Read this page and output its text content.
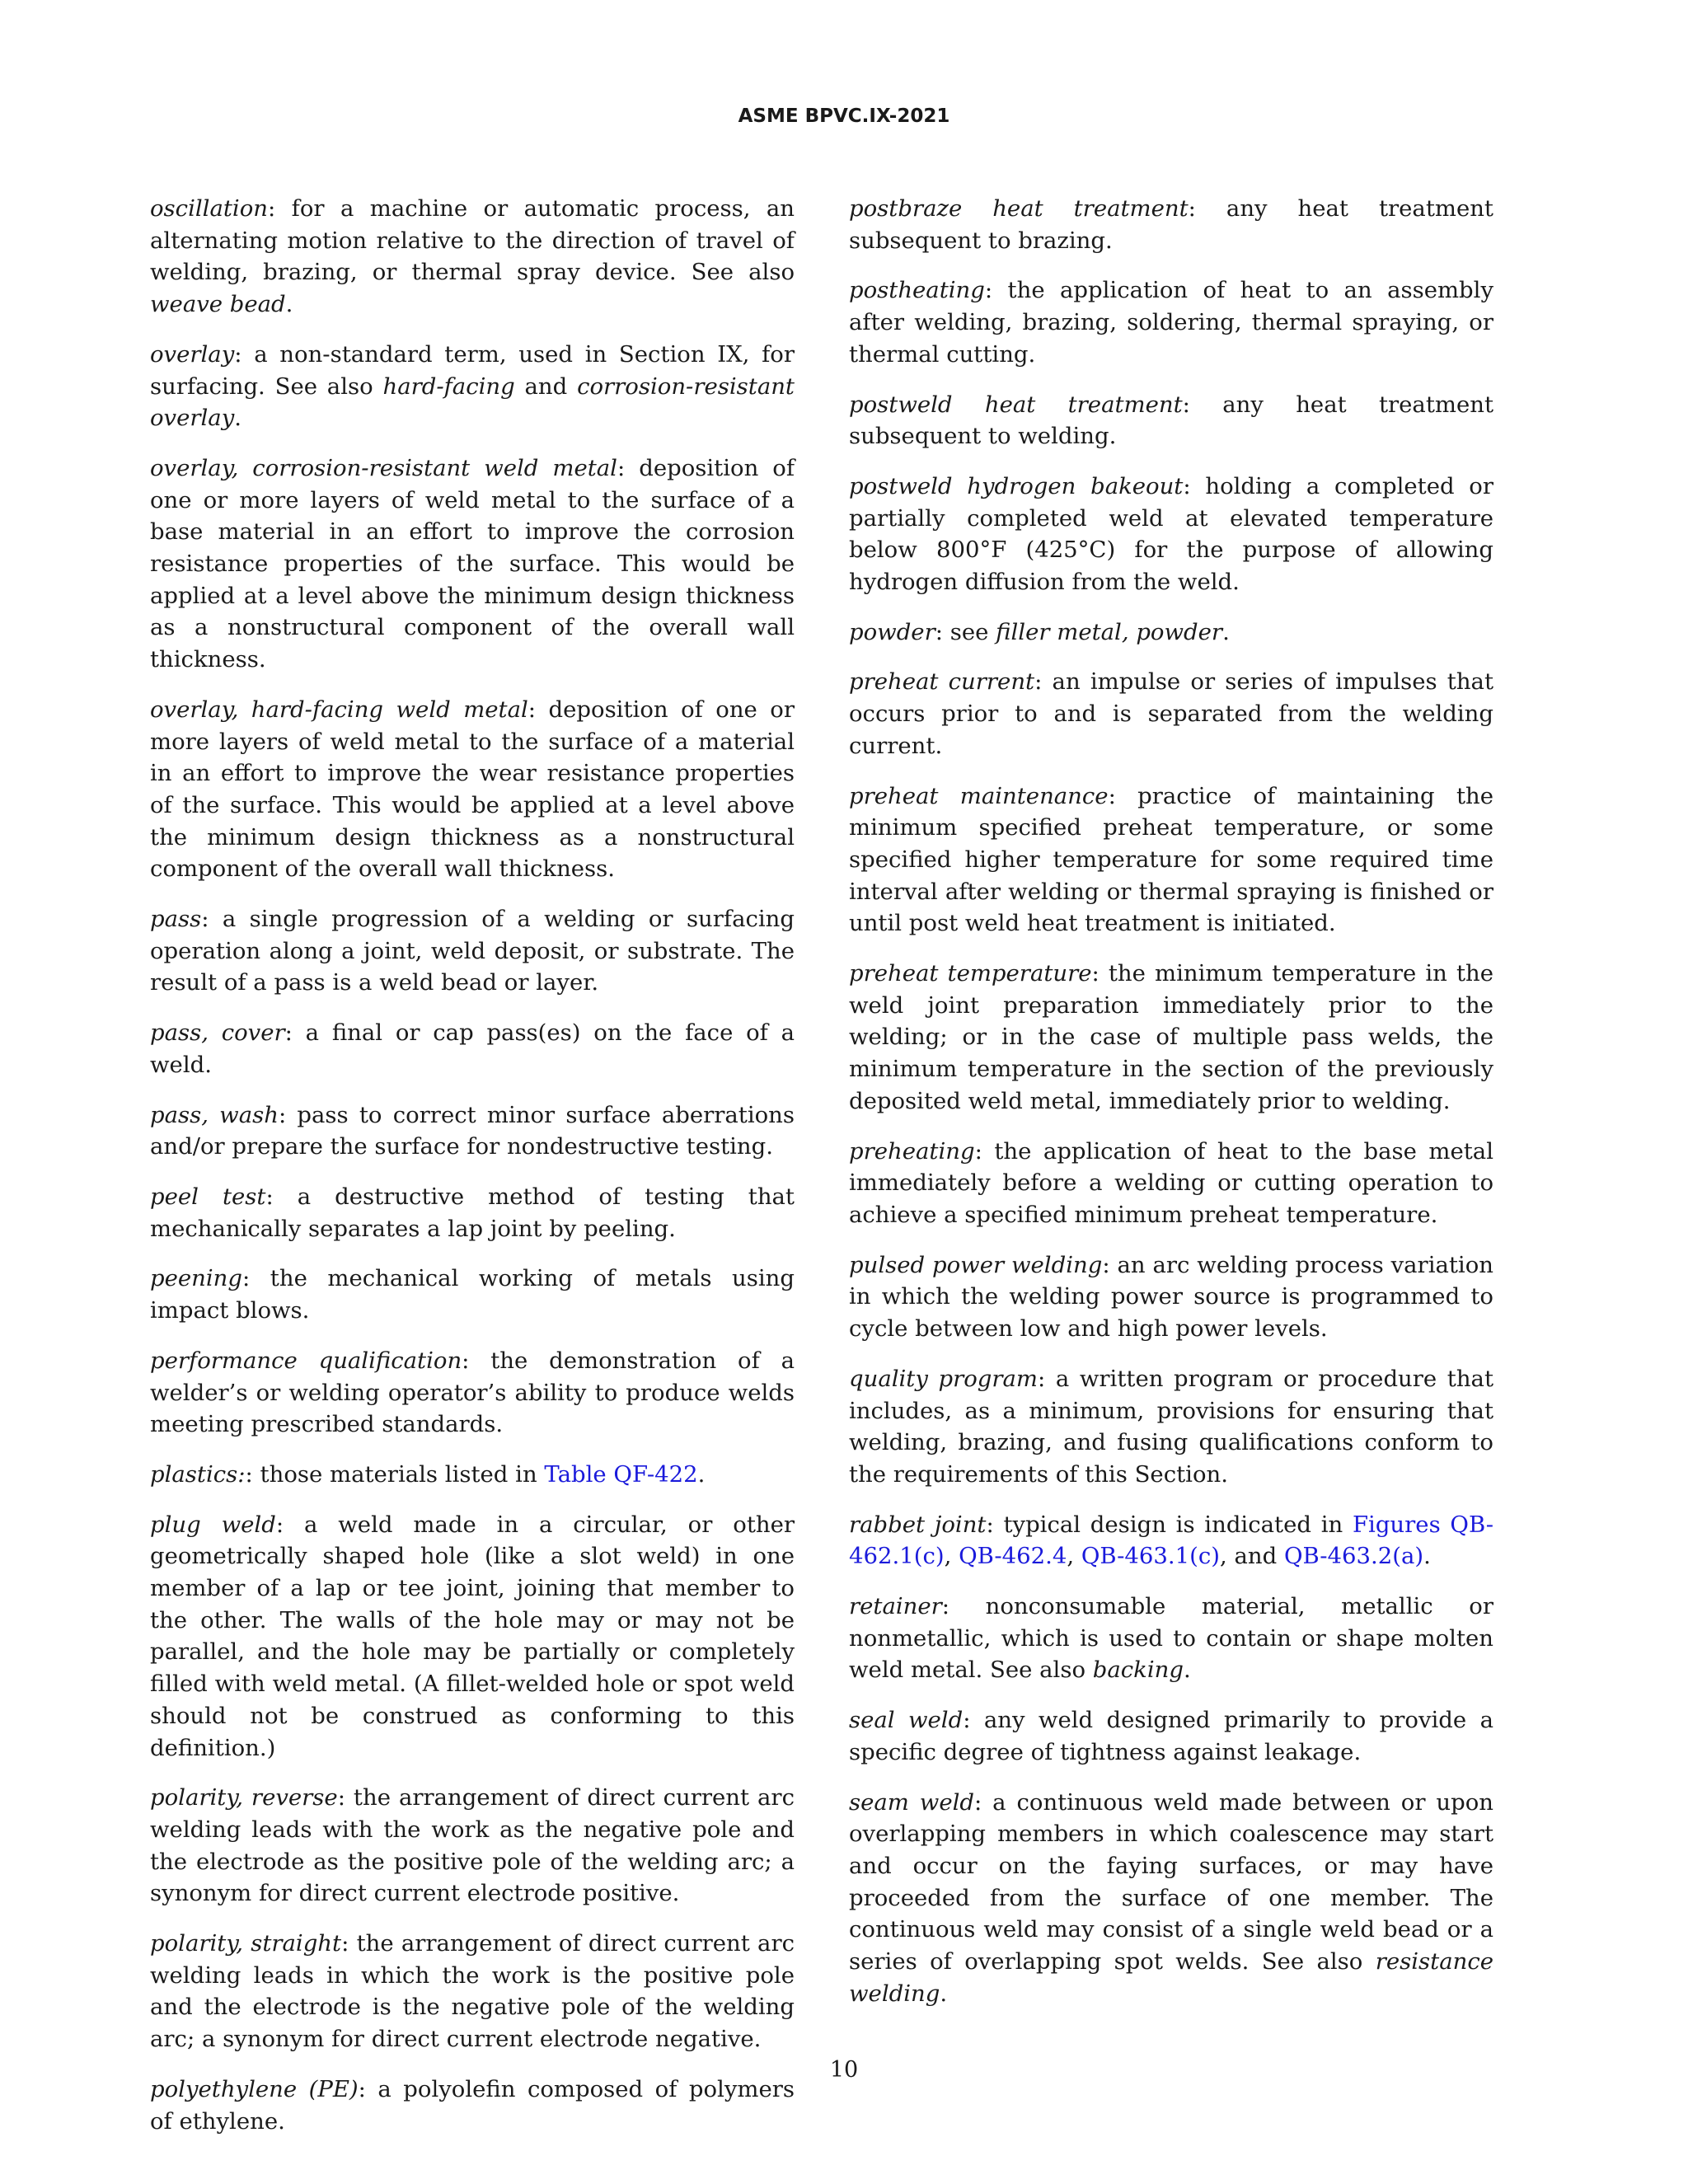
ASME BPVC.IX-2021

oscillation: for a machine or automatic process, an alternating motion relative to the direction of travel of welding, brazing, or thermal spray device. See also weave bead.

overlay: a non-standard term, used in Section IX, for surfacing. See also hard-facing and corrosion-resistant overlay.

overlay, corrosion-resistant weld metal: deposition of one or more layers of weld metal to the surface of a base material in an effort to improve the corrosion resistance properties of the surface. This would be applied at a level above the minimum design thickness as a nonstructural component of the overall wall thickness.

overlay, hard-facing weld metal: deposition of one or more layers of weld metal to the surface of a material in an effort to improve the wear resistance properties of the surface. This would be applied at a level above the minimum design thickness as a nonstructural component of the overall wall thickness.

pass: a single progression of a welding or surfacing operation along a joint, weld deposit, or substrate. The result of a pass is a weld bead or layer.

pass, cover: a final or cap pass(es) on the face of a weld.

pass, wash: pass to correct minor surface aberrations and/or prepare the surface for nondestructive testing.

peel test: a destructive method of testing that mechanically separates a lap joint by peeling.

peening: the mechanical working of metals using impact blows.

performance qualification: the demonstration of a welder’s or welding operator’s ability to produce welds meeting prescribed standards.

plastics:: those materials listed in Table QF-422.

plug weld: a weld made in a circular, or other geometrically shaped hole (like a slot weld) in one member of a lap or tee joint, joining that member to the other. The walls of the hole may or may not be parallel, and the hole may be partially or completely filled with weld metal. (A fillet-welded hole or spot weld should not be construed as conforming to this definition.)

polarity, reverse: the arrangement of direct current arc welding leads with the work as the negative pole and the electrode as the positive pole of the welding arc; a synonym for direct current electrode positive.

polarity, straight: the arrangement of direct current arc welding leads in which the work is the positive pole and the electrode is the negative pole of the welding arc; a synonym for direct current electrode negative.

polyethylene (PE): a polyolefin composed of polymers of ethylene.

postbraze heat treatment: any heat treatment subsequent to brazing.

postheating: the application of heat to an assembly after welding, brazing, soldering, thermal spraying, or thermal cutting.

postweld heat treatment: any heat treatment subsequent to welding.

postweld hydrogen bakeout: holding a completed or partially completed weld at elevated temperature below 800°F (425°C) for the purpose of allowing hydrogen diffusion from the weld.

powder: see filler metal, powder.

preheat current: an impulse or series of impulses that occurs prior to and is separated from the welding current.

preheat maintenance: practice of maintaining the minimum specified preheat temperature, or some specified higher temperature for some required time interval after welding or thermal spraying is finished or until post weld heat treatment is initiated.

preheat temperature: the minimum temperature in the weld joint preparation immediately prior to the welding; or in the case of multiple pass welds, the minimum temperature in the section of the previously deposited weld metal, immediately prior to welding.

preheating: the application of heat to the base metal immediately before a welding or cutting operation to achieve a specified minimum preheat temperature.

pulsed power welding: an arc welding process variation in which the welding power source is programmed to cycle between low and high power levels.

quality program: a written program or procedure that includes, as a minimum, provisions for ensuring that welding, brazing, and fusing qualifications conform to the requirements of this Section.

rabbet joint: typical design is indicated in Figures QB-462.1(c), QB-462.4, QB-463.1(c), and QB-463.2(a).

retainer: nonconsumable material, metallic or nonmetallic, which is used to contain or shape molten weld metal. See also backing.

seal weld: any weld designed primarily to provide a specific degree of tightness against leakage.

seam weld: a continuous weld made between or upon overlapping members in which coalescence may start and occur on the faying surfaces, or may have proceeded from the surface of one member. The continuous weld may consist of a single weld bead or a series of overlapping spot welds. See also resistance welding.

10
